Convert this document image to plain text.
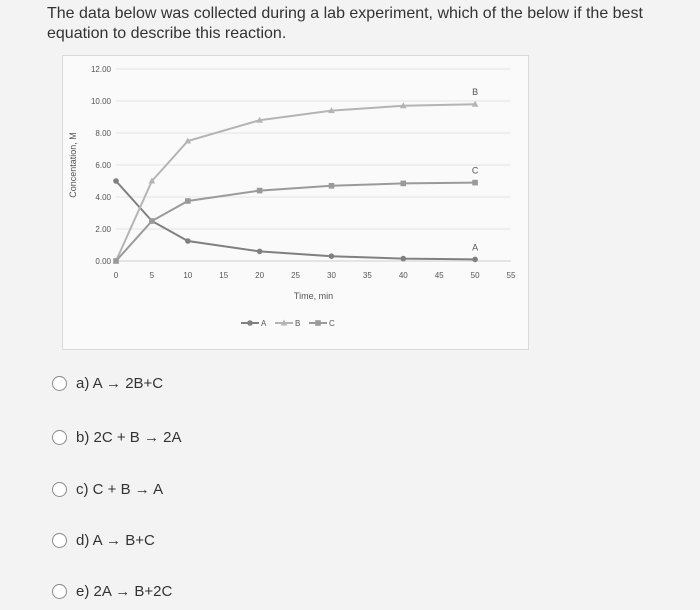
The data below was collected during a lab experiment, which of the below if the best
equation to describe this reaction.
0.00
2.00
4.00
6.00
8.00
10.00
12.00
0	5	10	15	20	25	30	35	40	45	50	55
Time, min
Concentation, M
A
B
C
A	B	C
a) A → 2B+C
b) 2C + B → 2A
c) C + B → A
d) A → B+C
e) 2A → B+2C
